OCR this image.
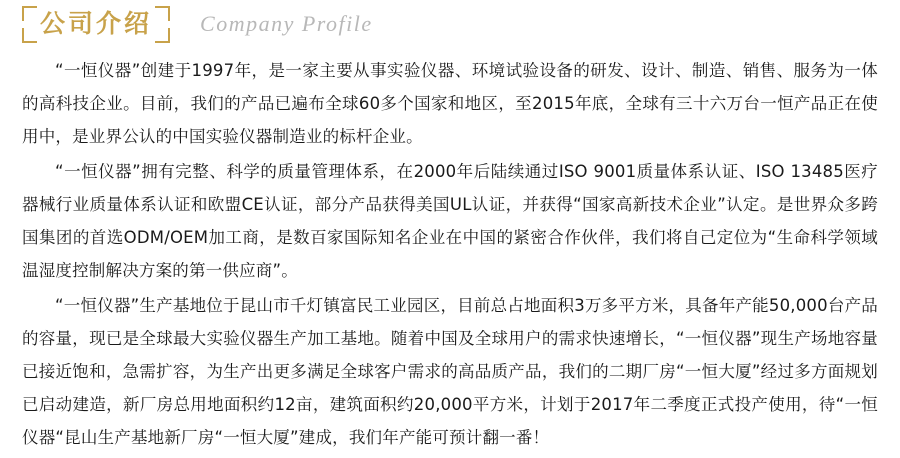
公司介绍 Company Profile

“一恒仪器”创建于1997年，是一家主要从事实验仪器、环境试验设备的研发、设计、制造、销售、服务为一体的高科技企业。目前，我们的产品已遍布全球60多个国家和地区，至2015年底，全球有三十六万台一恒产品正在使用中，是业界公认的中国实验仪器制造业的标杆企业。

“一恒仪器”拥有完整、科学的质量管理体系，在2000年后陆续通过ISO 9001质量体系认证、ISO 13485医疗器械行业质量体系认证和欧盟CE认证，部分产品获得美国UL认证，并获得“国家高新技术企业”认定。是世界众多跨国集团的首选ODM/OEM加工商，是数百家国际知名企业在中国的紧密合作伙伴，我们将自己定位为“生命科学领域温湿度控制解决方案的第一供应商”。

“一恒仪器”生产基地位于昆山市千灯镇富民工业园区，目前总占地面积3万多平方米，具备年产能50,000台产品的容量，现已是全球最大实验仪器生产加工基地。随着中国及全球用户的需求快速增长，“一恒仪器”现生产场地容量已接近饱和，急需扩容，为生产出更多满足全球客户需求的高品质产品，我们的二期厂房“一恒大厦”经过多方面规划已启动建造，新厂房总用地面积约12亩，建筑面积约20,000平方米，计划于2017年二季度正式投产使用，待“一恒仪器“昆山生产基地新厂房“一恒大厦”建成，我们年产能可预计翻一番！
